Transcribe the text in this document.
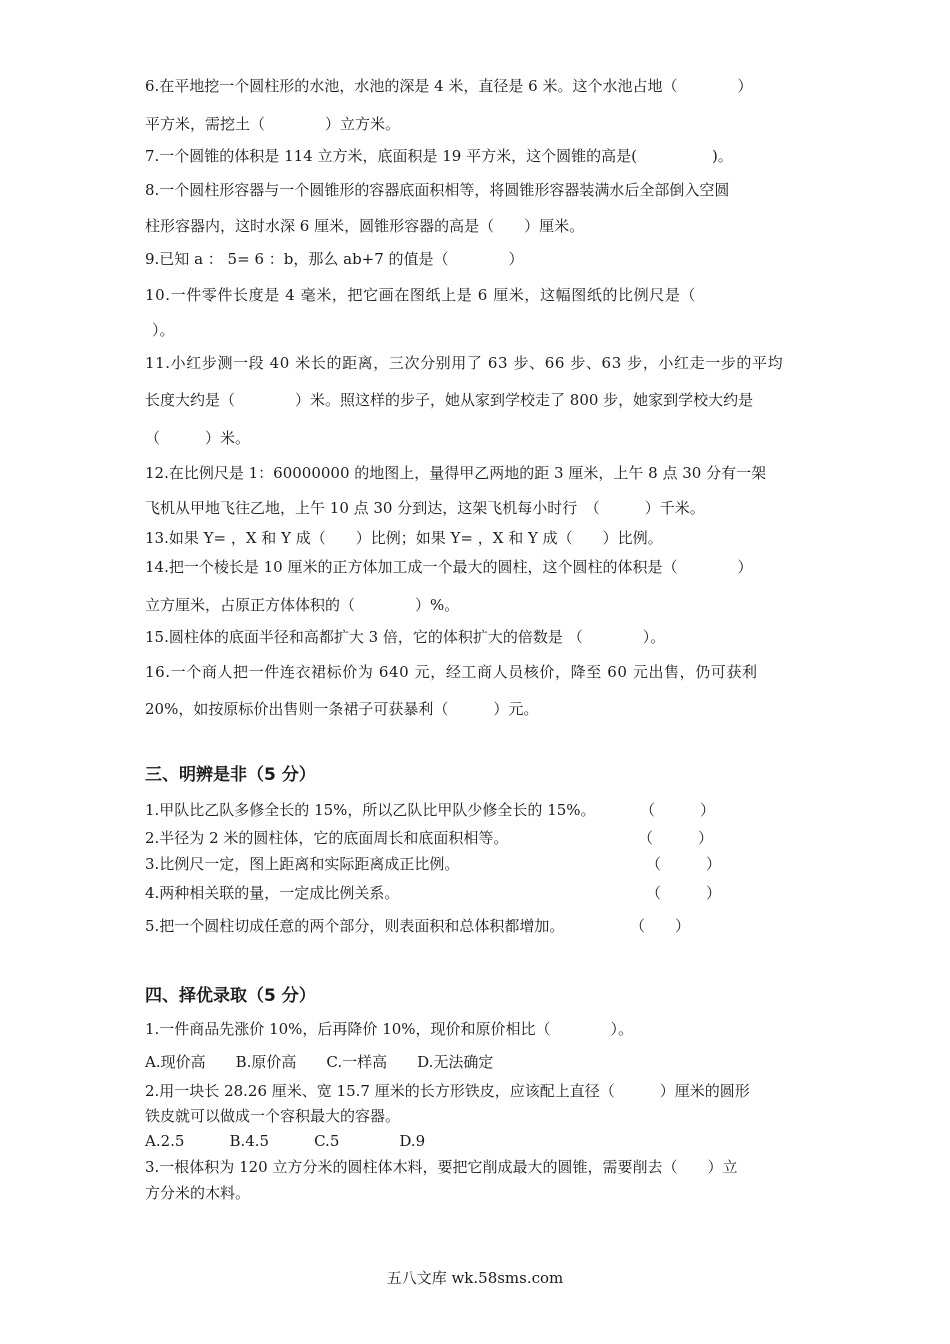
6.在平地挖一个圆柱形的水池，水池的深是 4 米，直径是 6 米。这个水池占地（　　　　）
平方米，需挖土（　　　　）立方米。
7.一个圆锥的体积是 114 立方米，底面积是 19 平方米，这个圆锥的高是(　　　　　)。
8.一个圆柱形容器与一个圆锥形的容器底面积相等，将圆锥形容器装满水后全部倒入空圆
柱形容器内，这时水深 6 厘米，圆锥形容器的高是（　　）厘米。
9.已知 a ： 5= 6 ：b，那么 ab+7 的值是（　　　　）
10.一件零件长度是 4 毫米，把它画在图纸上是 6 厘米，这幅图纸的比例尺是（
）。
11.小红步测一段 40 米长的距离，三次分别用了 63 步、66 步、63 步，小红走一步的平均
长度大约是（　　　　）米。照这样的步子，她从家到学校走了 800 步，她家到学校大约是
（　　　）米。
12.在比例尺是 1：60000000 的地图上，量得甲乙两地的距 3 厘米，上午 8 点 30 分有一架
飞机从甲地飞往乙地，上午 10 点 30 分到达，这架飞机每小时行　（　　　）千米。
13.如果 Y= ，X 和 Y 成（　　）比例；如果 Y= ，X 和 Y 成（　　）比例。
14.把一个棱长是 10 厘米的正方体加工成一个最大的圆柱，这个圆柱的体积是（　　　　）
立方厘米，占原正方体体积的（　　　　）%。
15.圆柱体的底面半径和高都扩大 3 倍，它的体积扩大的倍数是 （　　　　）。
16.一个商人把一件连衣裙标价为 640 元，经工商人员核价，降至 60 元出售，仍可获利
20%，如按原标价出售则一条裙子可获暴利（　　　）元。
三、明辨是非（5 分）
1.甲队比乙队多修全长的 15%，所以乙队比甲队少修全长的 15%。	（　　　）
2.半径为 2 米的圆柱体，它的底面周长和底面积相等。	（　　　）
3.比例尺一定，图上距离和实际距离成正比例。	（　　　）
4.两种相关联的量，一定成比例关系。	（　　　）
5.把一个圆柱切成任意的两个部分，则表面积和总体积都增加。	（　　）
四、择优录取（5 分）
1.一件商品先涨价 10%，后再降价 10%，现价和原价相比（　　　　）。
A.现价高　　B.原价高　　C.一样高　　D.无法确定
2.用一块长 28.26 厘米、宽 15.7 厘米的长方形铁皮，应该配上直径（　　　）厘米的圆形
铁皮就可以做成一个容积最大的容器。
A.2.5　　　B.4.5　　　C.5　　　　D.9
3.一根体积为 120 立方分米的圆柱体木料，要把它削成最大的圆锥，需要削去（　　）立
方分米的木料。
五八文库 wk.58sms.com
